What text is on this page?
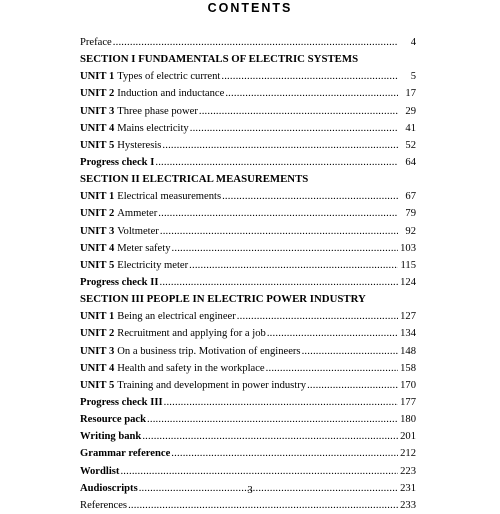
CONTENTS
Preface .....	4
SECTION I FUNDAMENTALS OF ELECTRIC SYSTEMS
UNIT 1 Types of electric current .....	5
UNIT 2 Induction and inductance .....	17
UNIT 3 Three phase power .....	29
UNIT 4 Mains electricity .....	41
UNIT 5 Hysteresis .....	52
Progress check I .....	64
SECTION II ELECTRICAL MEASUREMENTS
UNIT 1 Electrical measurements .....	67
UNIT 2 Ammeter .....	79
UNIT 3 Voltmeter .....	92
UNIT 4 Meter safety .....	103
UNIT 5 Electricity meter .....	115
Progress check II .....	124
SECTION III PEOPLE IN ELECTRIC POWER INDUSTRY
UNIT 1 Being an electrical engineer .....	127
UNIT 2 Recruitment and applying for a job .....	134
UNIT 3 On a business trip. Motivation of engineers .....	148
UNIT 4 Health and safety in the workplace .....	158
UNIT 5 Training and development in power industry .....	170
Progress check III .....	177
Resource pack .....	180
Writing bank .....	201
Grammar reference .....	212
Wordlist .....	223
Audioscripts .....	231
References .....	233
3
